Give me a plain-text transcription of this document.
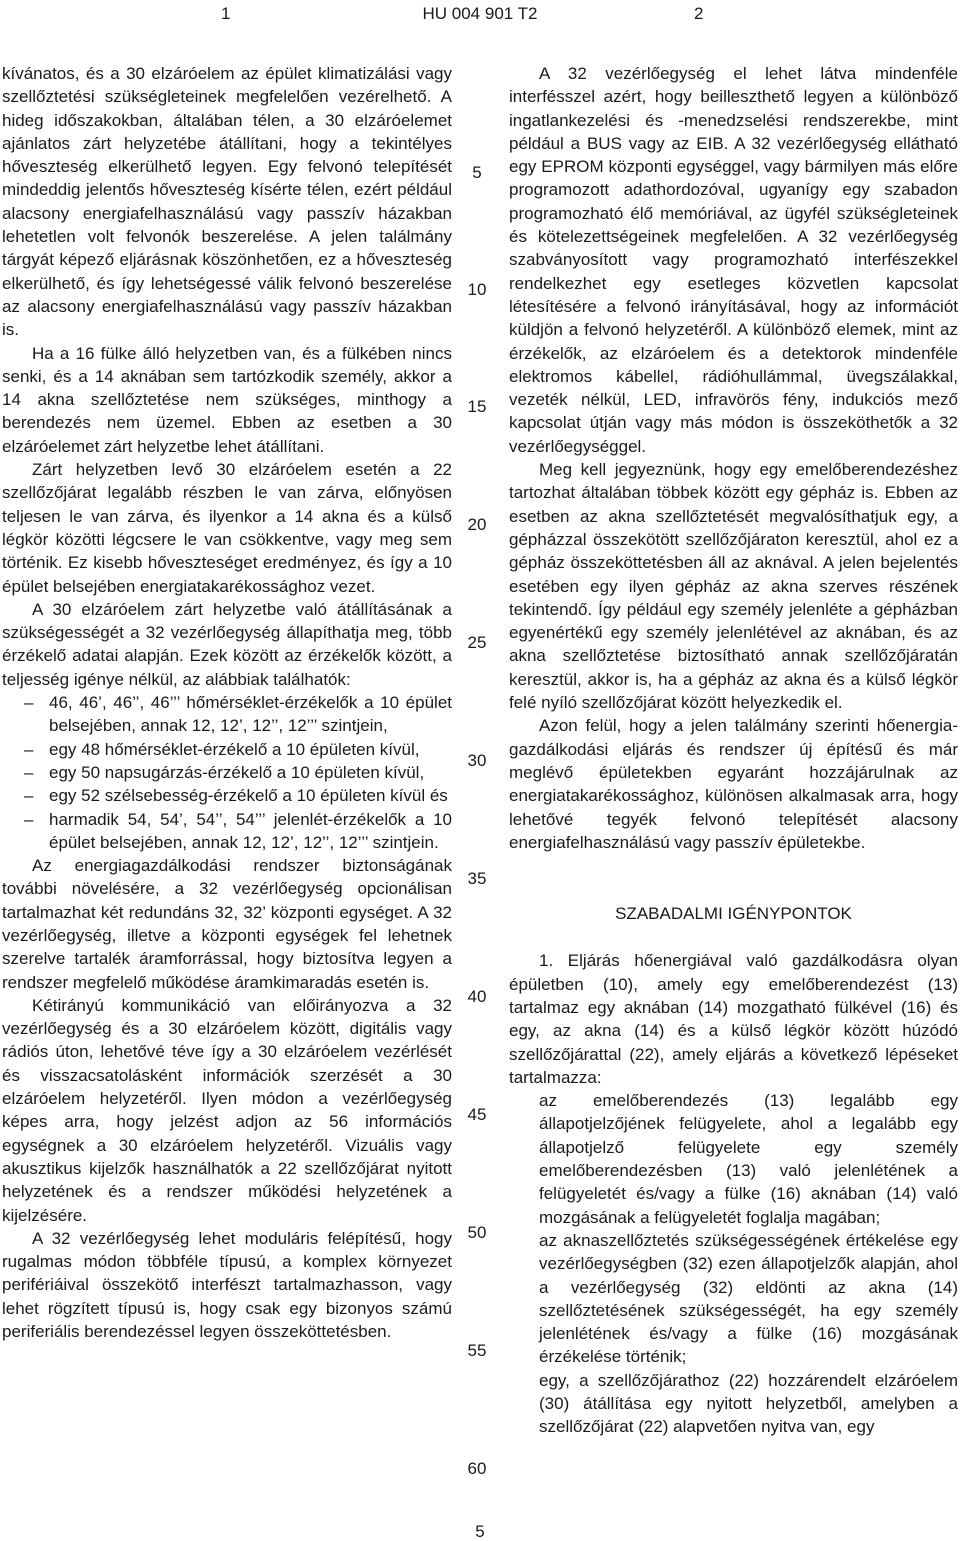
HU 004 901 T2
1	2

kívánatos, és a 30 elzáróelem az épület klimatizálási vagy szellőztetési szükségleteinek megfelelően vezérelhető. A hideg időszakokban, általában télen, a 30 elzáróelemet ajánlatos zárt helyzetébe átállítani, hogy a tekintélyes hőveszteség elkerülhető legyen. Egy felvonó telepítését mindeddig jelentős hőveszteség kísérte télen, ezért például alacsony energiafelhasználású vagy passzív házakban lehetetlen volt felvonók beszerelése. A jelen találmány tárgyát képező eljárásnak köszönhetően, ez a hőveszteség elkerülhető, és így lehetségessé válik felvonó beszerelése az alacsony energiafelhasználású vagy passzív házakban is.

Ha a 16 fülke álló helyzetben van, és a fülkében nincs senki, és a 14 aknában sem tartózkodik személy, akkor a 14 akna szellőztetése nem szükséges, minthogy a berendezés nem üzemel. Ebben az esetben a 30 elzáróelemet zárt helyzetbe lehet átállítani.

Zárt helyzetben levő 30 elzáróelem esetén a 22 szellőzőjárat legalább részben le van zárva, előnyösen teljesen le van zárva, és ilyenkor a 14 akna és a külső légkör közötti légcsere le van csökkentve, vagy meg sem történik. Ez kisebb hőveszteséget eredményez, és így a 10 épület belsejében energiatakarékossághoz vezet.

A 30 elzáróelem zárt helyzetbe való átállításának a szükségességét a 32 vezérlőegység állapíthatja meg, több érzékelő adatai alapján. Ezek között az érzékelők között, a teljesség igénye nélkül, az alábbiak találhatók:

– 46, 46’, 46’’, 46’’’ hőmérséklet-érzékelők a 10 épület belsejében, annak 12, 12’, 12’’, 12’’’ szintjein,
– egy 48 hőmérséklet-érzékelő a 10 épületen kívül,
– egy 50 napsugárzás-érzékelő a 10 épületen kívül,
– egy 52 szélsebesség-érzékelő a 10 épületen kívül és
– harmadik 54, 54’, 54’’, 54’’’ jelenlét-érzékelők a 10 épület belsejében, annak 12, 12’, 12’’, 12’’’ szintjein.

Az energiagazdálkodási rendszer biztonságának további növelésére, a 32 vezérlőegység opcionálisan tartalmazhat két redundáns 32, 32’ központi egységet. A 32 vezérlőegység, illetve a központi egységek fel lehetnek szerelve tartalék áramforrással, hogy biztosítva legyen a rendszer megfelelő működése áramkimaradás esetén is.

Kétirányú kommunikáció van előirányozva a 32 vezérlőegység és a 30 elzáróelem között, digitális vagy rádiós úton, lehetővé téve így a 30 elzáróelem vezérlését és visszacsatolásként információk szerzését a 30 elzáróelem helyzetéről. Ilyen módon a vezérlőegység képes arra, hogy jelzést adjon az 56 információs egységnek a 30 elzáróelem helyzetéről. Vizuális vagy akusztikus kijelzők használhatók a 22 szellőzőjárat nyitott helyzetének és a rendszer működési helyzetének a kijelzésére.

A 32 vezérlőegység lehet moduláris felépítésű, hogy rugalmas módon többféle típusú, a komplex környezet perifériáival összekötő interfészt tartalmazhasson, vagy lehet rögzített típusú is, hogy csak egy bizonyos számú periferiális berendezéssel legyen összeköttetésben.

5
10
15
20
25
30
35
40
45
50
55
60

A 32 vezérlőegység el lehet látva mindenféle interfésszel azért, hogy beilleszthető legyen a különböző ingatlankezelési és -menedzselési rendszerekbe, mint például a BUS vagy az EIB. A 32 vezérlőegység ellátható egy EPROM központi egységgel, vagy bármilyen más előre programozott adathordozóval, ugyanígy egy szabadon programozható élő memóriával, az ügyfél szükségleteinek és kötelezettségeinek megfelelően. A 32 vezérlőegység szabványosított vagy programozható interfészekkel rendelkezhet egy esetleges közvetlen kapcsolat létesítésére a felvonó irányításával, hogy az információt küldjön a felvonó helyzetéről. A különböző elemek, mint az érzékelők, az elzáróelem és a detektorok mindenféle elektromos kábellel, rádióhullámmal, üvegszálakkal, vezeték nélkül, LED, infravörös fény, indukciós mező kapcsolat útján vagy más módon is összeköthetők a 32 vezérlőegységgel.

Meg kell jegyeznünk, hogy egy emelőberendezéshez tartozhat általában többek között egy gépház is. Ebben az esetben az akna szellőztetését megvalósíthatjuk egy, a gépházzal összekötött szellőzőjáraton keresztül, ahol ez a gépház összeköttetésben áll az aknával. A jelen bejelentés esetében egy ilyen gépház az akna szerves részének tekintendő. Így például egy személy jelenléte a gépházban egyenértékű egy személy jelenlétével az aknában, és az akna szellőztetése biztosítható annak szellőzőjáratán keresztül, akkor is, ha a gépház az akna és a külső légkör felé nyíló szellőzőjárat között helyezkedik el.

Azon felül, hogy a jelen találmány szerinti hőenergia-gazdálkodási eljárás és rendszer új építésű és már meglévő épületekben egyaránt hozzájárulnak az energiatakarékossághoz, különösen alkalmasak arra, hogy lehetővé tegyék felvonó telepítését alacsony energiafelhasználású vagy passzív épületekbe.

SZABADALMI IGÉNYPONTOK

1. Eljárás hőenergiával való gazdálkodásra olyan épületben (10), amely egy emelőberendezést (13) tartalmaz egy aknában (14) mozgatható fülkével (16) és egy, az akna (14) és a külső légkör között húzódó szellőzőjárattal (22), amely eljárás a következő lépéseket tartalmazza:

az emelőberendezés (13) legalább egy állapotjelzőjének felügyelete, ahol a legalább egy állapotjelző felügyelete egy személy emelőberendezésben (13) való jelenlétének a felügyeletét és/vagy a fülke (16) aknában (14) való mozgásának a felügyeletét foglalja magában;
az aknaszellőztetés szükségességének értékelése egy vezérlőegységben (32) ezen állapotjelzők alapján, ahol a vezérlőegység (32) eldönti az akna (14) szellőztetésének szükségességét, ha egy személy jelenlétének és/vagy a fülke (16) mozgásának érzékelése történik;
egy, a szellőzőjárathoz (22) hozzárendelt elzáróelem (30) átállítása egy nyitott helyzetből, amelyben a szellőzőjárat (22) alapvetően nyitva van, egy
5
